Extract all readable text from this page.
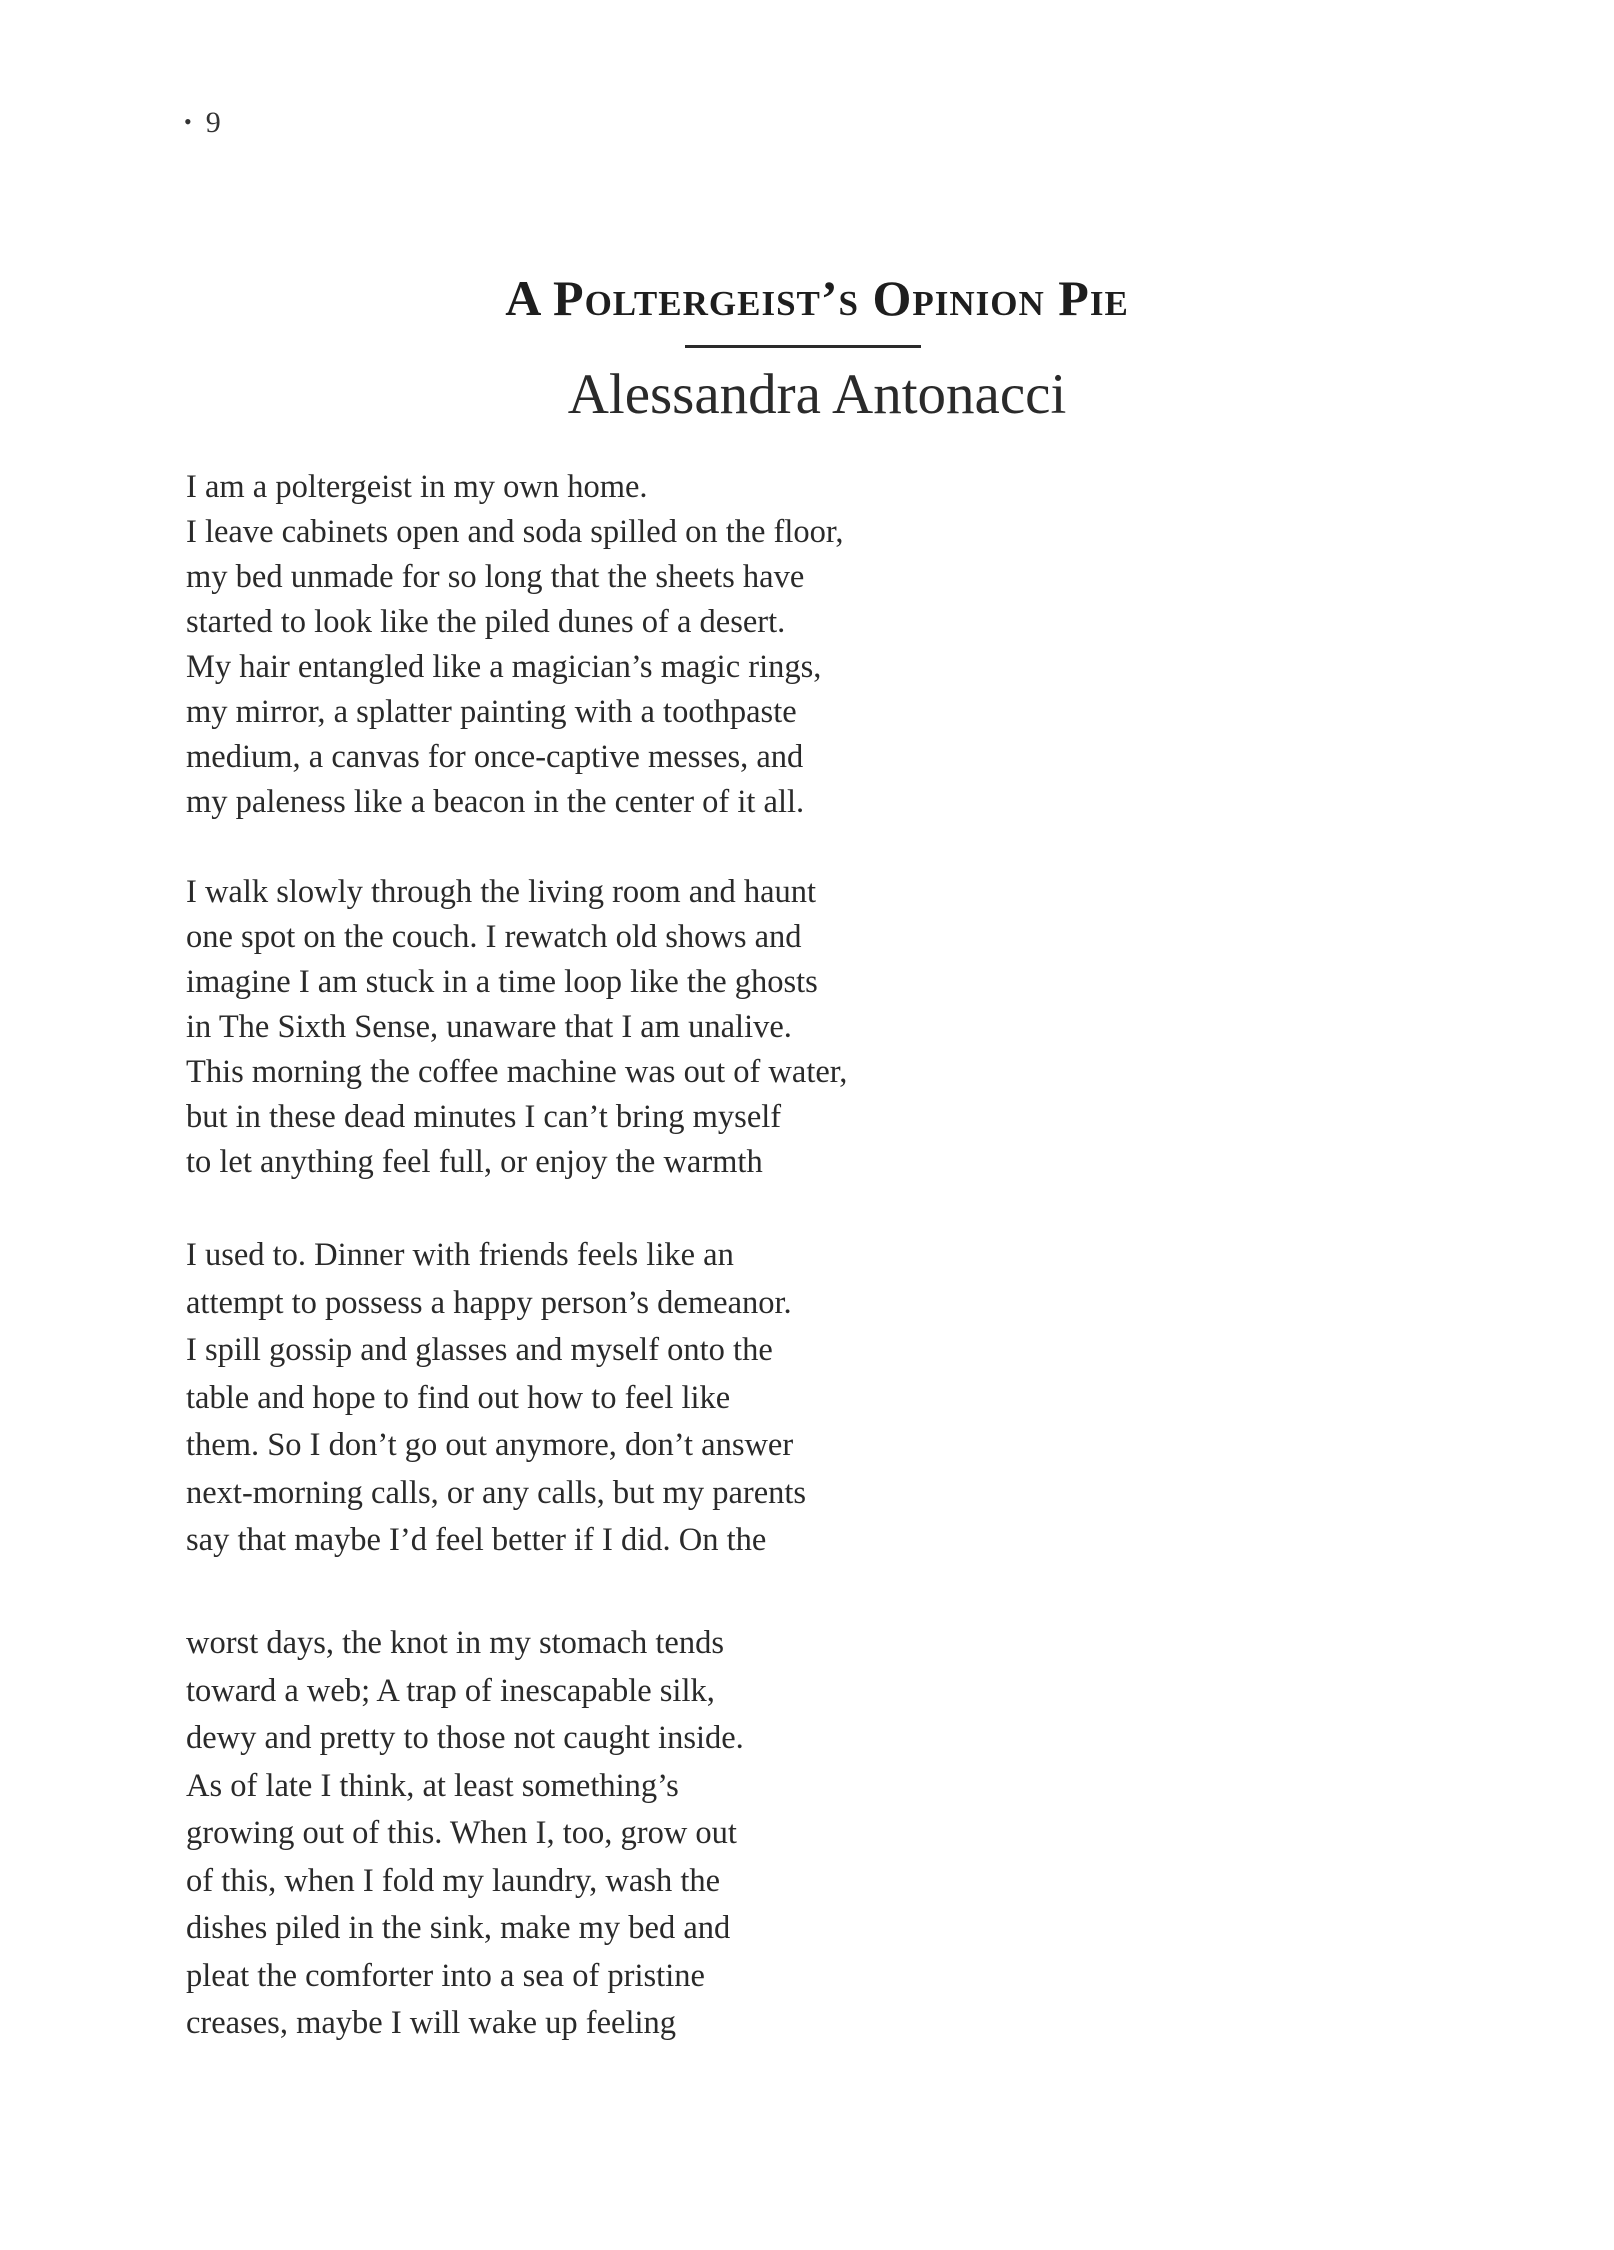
• 9
A Poltergeist’s Opinion Pie
Alessandra Antonacci
I am a poltergeist in my own home.
I leave cabinets open and soda spilled on the floor,
my bed unmade for so long that the sheets have
started to look like the piled dunes of a desert.
My hair entangled like a magician’s magic rings,
my mirror, a splatter painting with a toothpaste
medium, a canvas for once-captive messes, and
my paleness like a beacon in the center of it all.
I walk slowly through the living room and haunt
one spot on the couch. I rewatch old shows and
imagine I am stuck in a time loop like the ghosts
in The Sixth Sense, unaware that I am unalive.
This morning the coffee machine was out of water,
but in these dead minutes I can’t bring myself
to let anything feel full, or enjoy the warmth
I used to. Dinner with friends feels like an
attempt to possess a happy person’s demeanor.
I spill gossip and glasses and myself onto the
table and hope to find out how to feel like
them. So I don’t go out anymore, don’t answer
next-morning calls, or any calls, but my parents
say that maybe I’d feel better if I did. On the
worst days, the knot in my stomach tends
toward a web; A trap of inescapable silk,
dewy and pretty to those not caught inside.
As of late I think, at least something’s
growing out of this. When I, too, grow out
of this, when I fold my laundry, wash the
dishes piled in the sink, make my bed and
pleat the comforter into a sea of pristine
creases, maybe I will wake up feeling
